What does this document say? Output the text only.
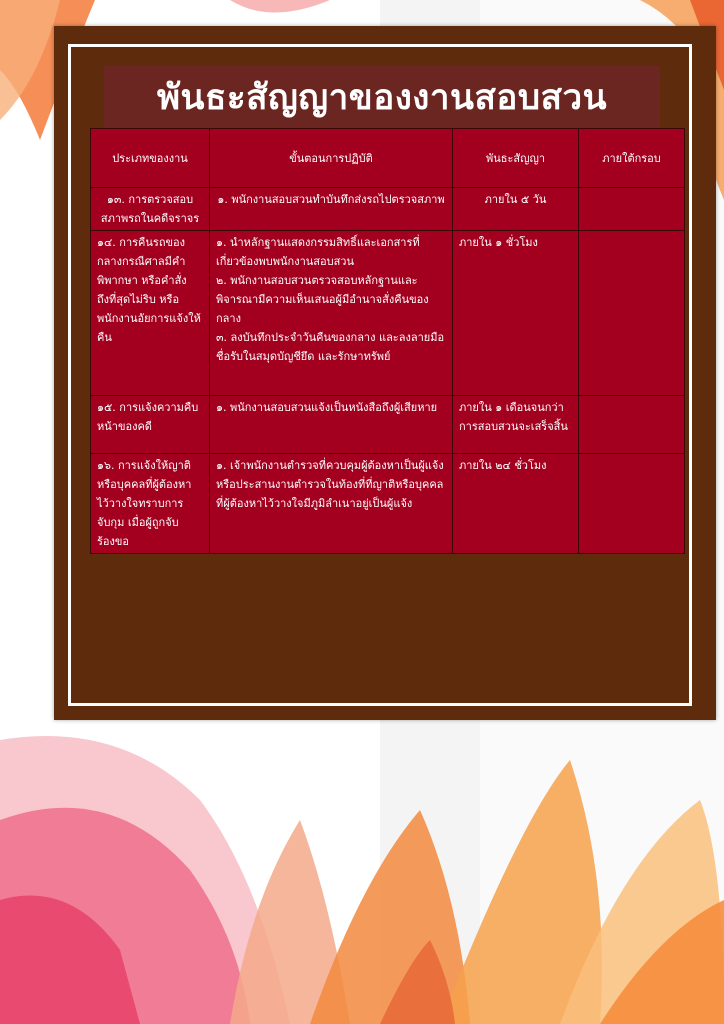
พันธะสัญญาของงานสอบสวน
ประเภทของงาน	ขั้นตอนการปฏิบัติ	พันธะสัญญา	ภายใต้กรอบ
๑๓. การตรวจสอบสภาพรถในคดีจราจร	๑. พนักงานสอบสวนทำบันทึกส่งรถไปตรวจสภาพ	ภายใน ๕ วัน	
๑๔. การคืนรถของกลางกรณีศาลมีคำพิพากษา หรือคำสั่งถึงที่สุดไม่ริบ หรือพนักงานอัยการแจ้งให้คืน	๑. นำหลักฐานแสดงกรรมสิทธิ์และเอกสารที่เกี่ยวข้องพบพนักงานสอบสวน
๒. พนักงานสอบสวนตรวจสอบหลักฐานและพิจารณามีความเห็นเสนอผู้มีอำนาจสั่งคืนของกลาง
๓. ลงบันทึกประจำวันคืนของกลาง และลงลายมือชื่อรับในสมุดบัญชียึด และรักษาทรัพย์	ภายใน ๑ ชั่วโมง	
๑๕. การแจ้งความคืบหน้าของคดี	๑. พนักงานสอบสวนแจ้งเป็นหนังสือถึงผู้เสียหาย	ภายใน ๑ เดือนจนกว่าการสอบสวนจะเสร็จสิ้น	
๑๖. การแจ้งให้ญาติหรือบุคคลที่ผู้ต้องหาไว้วางใจทราบการจับกุม เมื่อผู้ถูกจับร้องขอ	๑. เจ้าพนักงานตำรวจที่ควบคุมผู้ต้องหาเป็นผู้แจ้ง หรือประสานงานตำรวจในท้องที่ที่ญาติหรือบุคคลที่ผู้ต้องหาไว้วางใจมีภูมิลำเนาอยู่เป็นผู้แจ้ง	ภายใน ๒๔ ชั่วโมง	
